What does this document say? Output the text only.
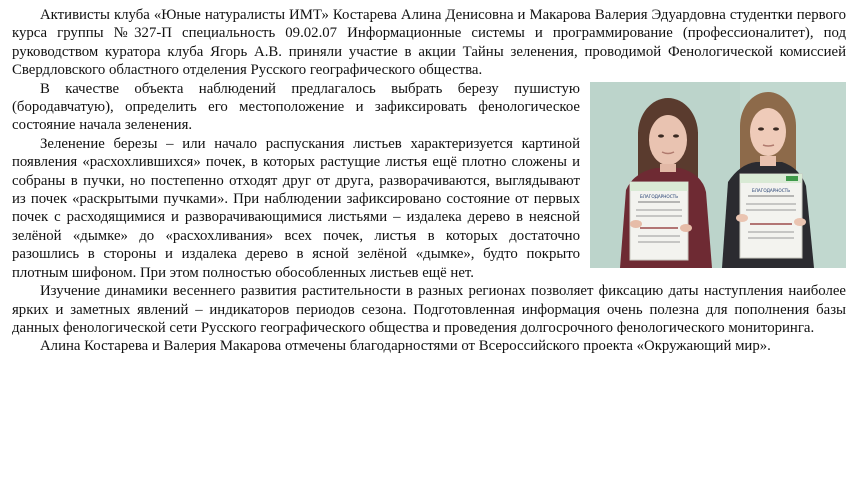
Активисты клуба «Юные натуралисты ИМТ» Костарева Алина Денисовна и Макарова Валерия Эдуардовна студентки первого курса группы №327-П специальность 09.02.07 Информационные системы и программирование (профессионалитет), под руководством куратора клуба Ягорь А.В. приняли участие в акции Тайны зеленения, проводимой Фенологической комиссией Свердловского областного отделения Русского географического общества.

БЛАГОДАРНОСТЬ
БЛАГОДАРНОСТЬ

В качестве объекта наблюдений предлагалось выбрать березу пушистую (бородавчатую), определить его местоположение и зафиксировать фенологическое состояние начала зеленения.

Зеленение березы – или начало распускания листьев характеризуется картиной появления «расхохлившихся» почек, в которых растущие листья ещё плотно сложены и собраны в пучки, но постепенно отходят друг от друга, разворачиваются, выглядывают из почек «раскрытыми пучками». При наблюдении зафиксировано состояние от первых почек с расходящимися и разворачивающимися листьями – издалека дерево в неясной зелёной «дымке» до «расхохливания» всех почек, листья в которых достаточно разошлись в стороны и издалека дерево в ясной зелёной «дымке», будто покрыто плотным шифоном. При этом полностью обособленных листьев ещё нет.

Изучение динамики весеннего развития растительности в разных регионах позволяет фиксацию даты наступления наиболее ярких и заметных явлений – индикаторов периодов сезона. Подготовленная информация очень полезна для пополнения базы данных фенологической сети Русского географического общества и проведения долгосрочного фенологического мониторинга.

Алина Костарева и Валерия Макарова отмечены благодарностями от Всероссийского проекта «Окружающий мир».
